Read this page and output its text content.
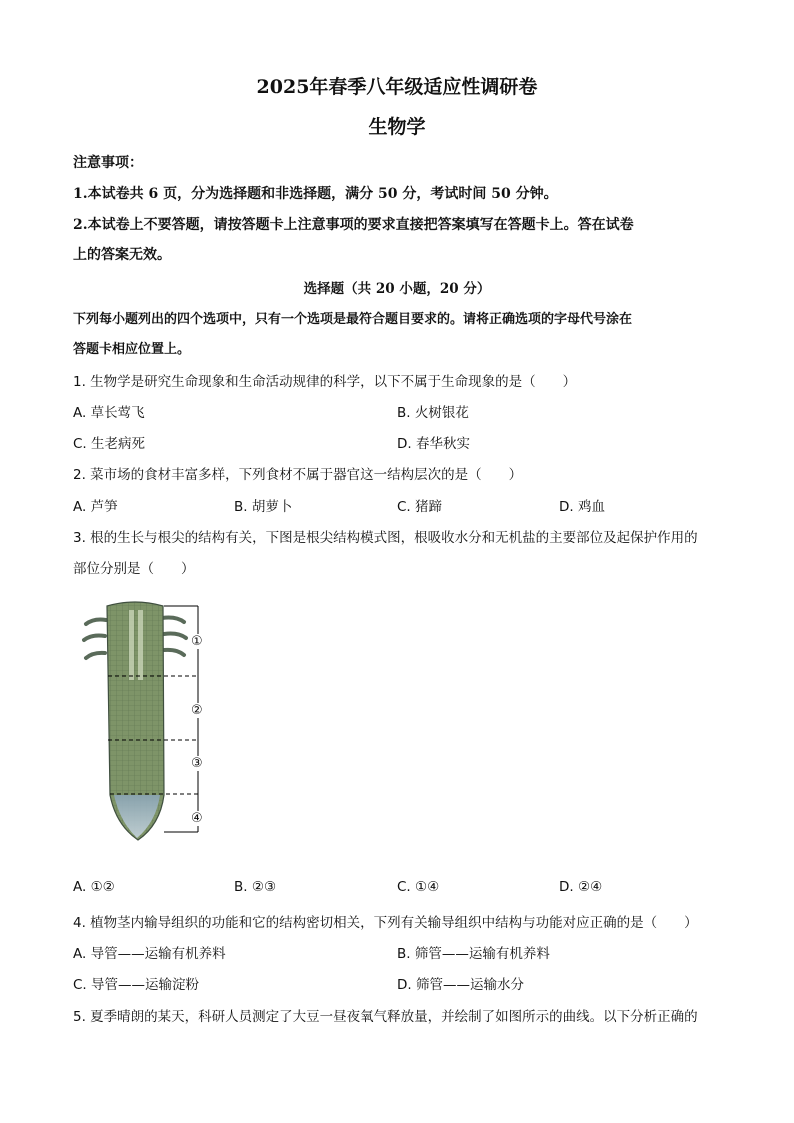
2025年春季八年级适应性调研卷
生物学
注意事项：
1.本试卷共 6 页，分为选择题和非选择题，满分 50 分，考试时间 50 分钟。
2.本试卷上不要答题，请按答题卡上注意事项的要求直接把答案填写在答题卡上。答在试卷
上的答案无效。
选择题（共 20 小题，20 分）
下列每小题列出的四个选项中，只有一个选项是最符合题目要求的。请将正确选项的字母代号涂在
答题卡相应位置上。
1. 生物学是研究生命现象和生命活动规律的科学，以下不属于生命现象的是（　　）
A. 草长莺飞	B. 火树银花
C. 生老病死	D. 春华秋实
2. 菜市场的食材丰富多样，下列食材不属于器官这一结构层次的是（　　）
A. 芦笋	B. 胡萝卜	C. 猪蹄	D. 鸡血
3. 根的生长与根尖的结构有关，下图是根尖结构模式图，根吸收水分和无机盐的主要部位及起保护作用的
部位分别是（　　）
①
②
③
④
A. ①②	B. ②③	C. ①④	D. ②④
4. 植物茎内输导组织的功能和它的结构密切相关，下列有关输导组织中结构与功能对应正确的是（　　）
A. 导管——运输有机养料	B. 筛管——运输有机养料
C. 导管——运输淀粉	D. 筛管——运输水分
5. 夏季晴朗的某天，科研人员测定了大豆一昼夜氧气释放量，并绘制了如图所示的曲线。以下分析正确的
